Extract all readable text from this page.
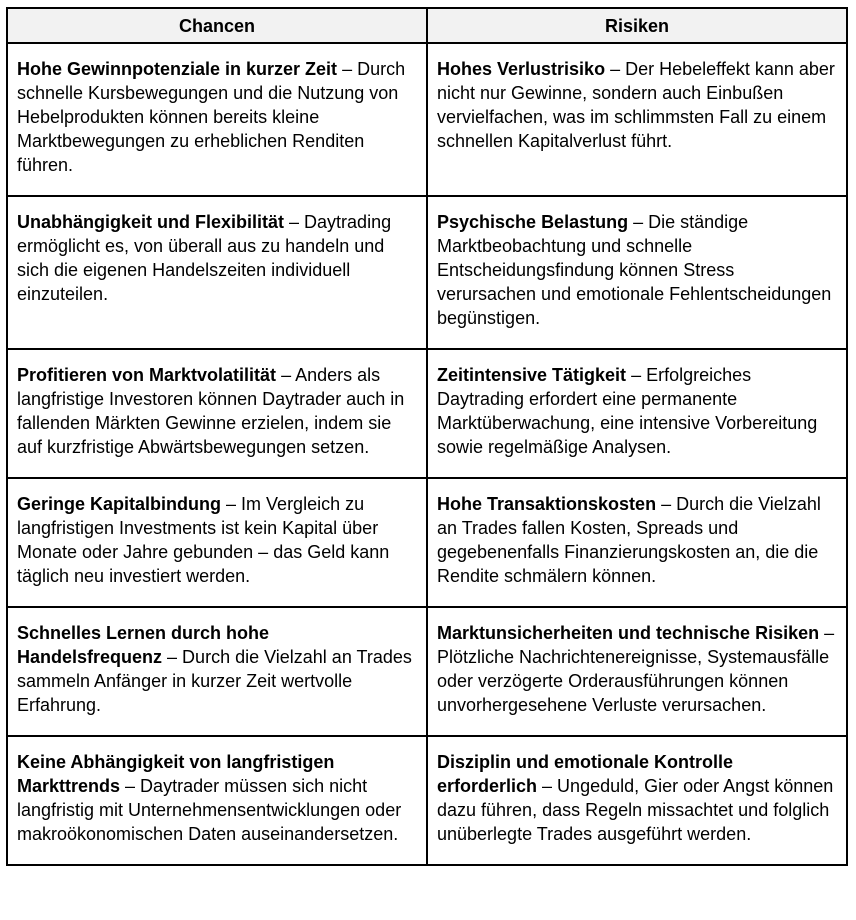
Chancen	Risiken
Hohe Gewinnpotenziale in kurzer Zeit – Durch schnelle Kursbewegungen und die Nutzung von Hebelprodukten können bereits kleine Marktbewegungen zu erheblichen Renditen führen.	Hohes Verlustrisiko – Der Hebeleffekt kann aber nicht nur Gewinne, sondern auch Einbußen vervielfachen, was im schlimmsten Fall zu einem schnellen Kapitalverlust führt.
Unabhängigkeit und Flexibilität – Daytrading ermöglicht es, von überall aus zu handeln und sich die eigenen Handelszeiten individuell einzuteilen.	Psychische Belastung – Die ständige Marktbeobachtung und schnelle Entscheidungsfindung können Stress verursachen und emotionale Fehlentscheidungen begünstigen.
Profitieren von Marktvolatilität – Anders als langfristige Investoren können Daytrader auch in fallenden Märkten Gewinne erzielen, indem sie auf kurzfristige Abwärtsbewegungen setzen.	Zeitintensive Tätigkeit – Erfolgreiches Daytrading erfordert eine permanente Marktüberwachung, eine intensive Vorbereitung sowie regelmäßige Analysen.
Geringe Kapitalbindung – Im Vergleich zu langfristigen Investments ist kein Kapital über Monate oder Jahre gebunden – das Geld kann täglich neu investiert werden.	Hohe Transaktionskosten – Durch die Vielzahl an Trades fallen Kosten, Spreads und gegebenenfalls Finanzierungskosten an, die die Rendite schmälern können.
Schnelles Lernen durch hohe Handelsfrequenz – Durch die Vielzahl an Trades sammeln Anfänger in kurzer Zeit wertvolle Erfahrung.	Marktunsicherheiten und technische Risiken – Plötzliche Nachrichtenereignisse, Systemausfälle oder verzögerte Orderausführungen können unvorhergesehene Verluste verursachen.
Keine Abhängigkeit von langfristigen Markttrends – Daytrader müssen sich nicht langfristig mit Unternehmensentwicklungen oder makroökonomischen Daten auseinandersetzen.	Disziplin und emotionale Kontrolle erforderlich – Ungeduld, Gier oder Angst können dazu führen, dass Regeln missachtet und folglich unüberlegte Trades ausgeführt werden.
